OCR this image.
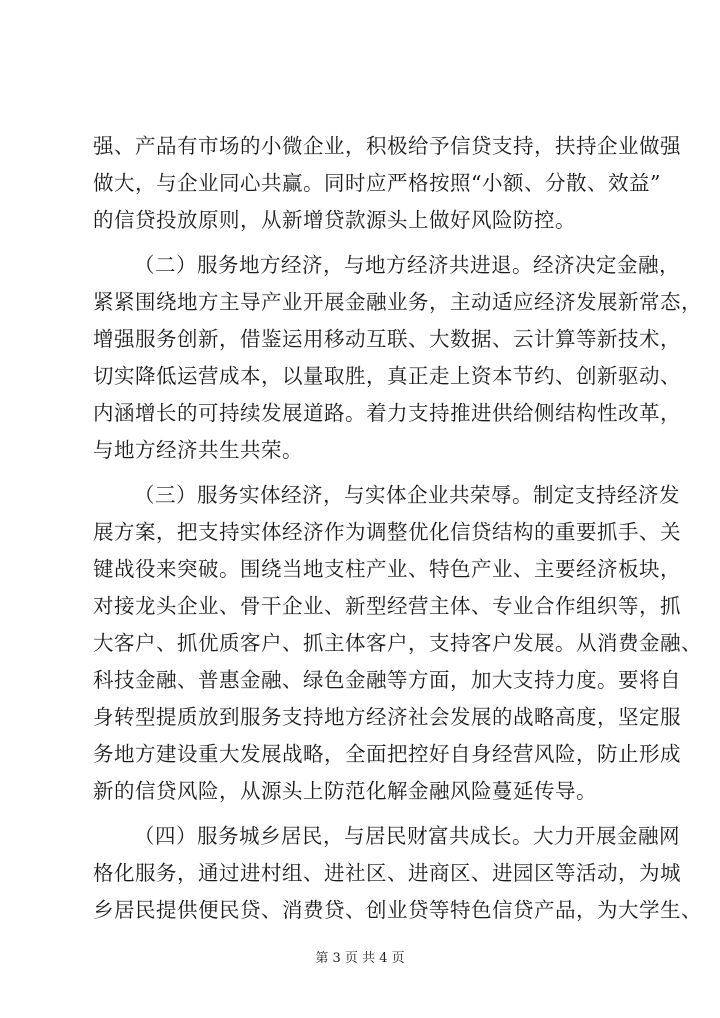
强、产品有市场的小微企业，积极给予信贷支持，扶持企业做强
做大，与企业同心共赢。同时应严格按照“小额、分散、效益”
的信贷投放原则，从新增贷款源头上做好风险防控。
（二）服务地方经济，与地方经济共进退。经济决定金融，
紧紧围绕地方主导产业开展金融业务，主动适应经济发展新常态，
增强服务创新，借鉴运用移动互联、大数据、云计算等新技术，
切实降低运营成本，以量取胜，真正走上资本节约、创新驱动、
内涵增长的可持续发展道路。着力支持推进供给侧结构性改革，
与地方经济共生共荣。
（三）服务实体经济，与实体企业共荣辱。制定支持经济发
展方案，把支持实体经济作为调整优化信贷结构的重要抓手、关
键战役来突破。围绕当地支柱产业、特色产业、主要经济板块，
对接龙头企业、骨干企业、新型经营主体、专业合作组织等，抓
大客户、抓优质客户、抓主体客户，支持客户发展。从消费金融、
科技金融、普惠金融、绿色金融等方面，加大支持力度。要将自
身转型提质放到服务支持地方经济社会发展的战略高度，坚定服
务地方建设重大发展战略，全面把控好自身经营风险，防止形成
新的信贷风险，从源头上防范化解金融风险蔓延传导。
（四）服务城乡居民，与居民财富共成长。大力开展金融网
格化服务，通过进村组、进社区、进商区、进园区等活动，为城
乡居民提供便民贷、消费贷、创业贷等特色信贷产品，为大学生、
第 3 页 共 4 页
